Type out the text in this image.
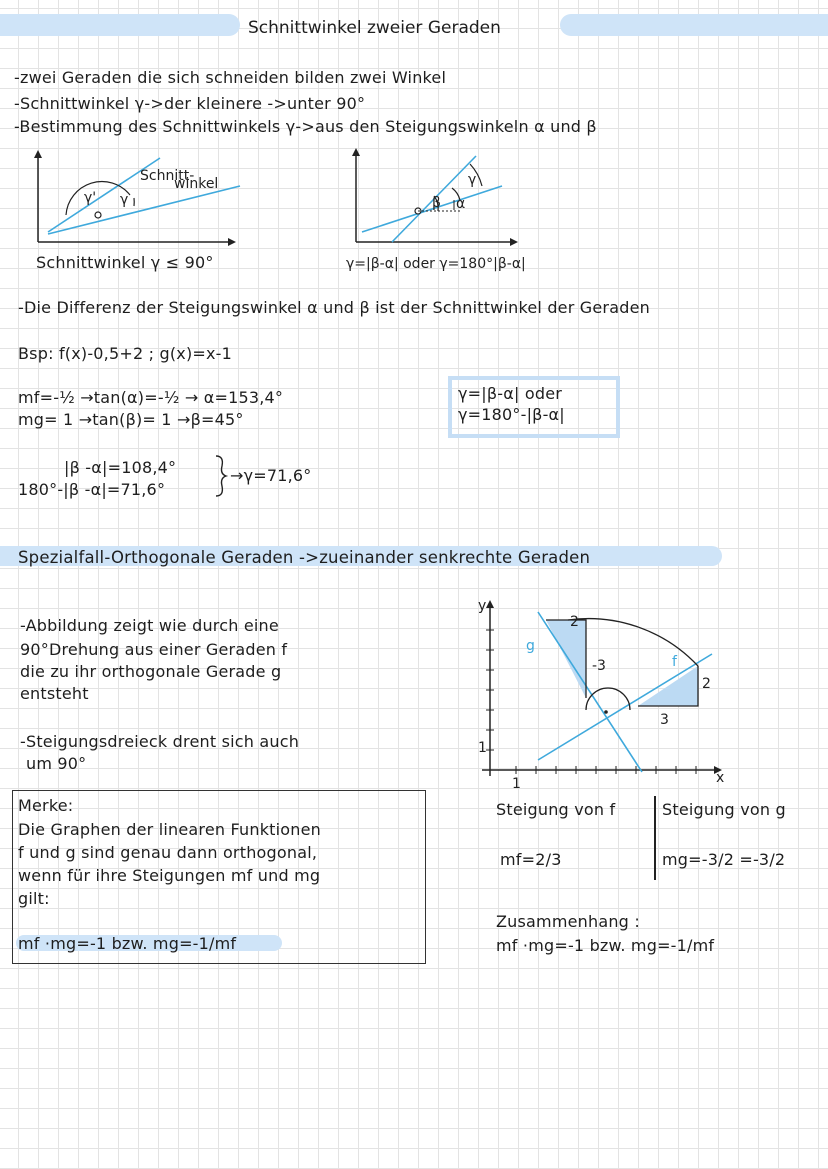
Schnittwinkel zweier Geraden
-zwei Geraden die sich schneiden bilden zwei Winkel
-Schnittwinkel γ->der kleinere ->unter 90°
-Bestimmung des Schnittwinkels γ->aus den Steigungswinkeln α und β
γ' γ
Schnitt-
winkel
Schnittwinkel γ ≤ 90°
β α
γ
γ=|β-α| oder γ=180°|β-α|
-Die Differenz der Steigungswinkel α und β ist der Schnittwinkel der Geraden
Bsp: f(x)-0,5+2 ; g(x)=x-1
mf=-½ →tan(α)=-½ → α=153,4°
mg= 1 →tan(β)= 1 →β=45°
γ=|β-α| oder
γ=180°-|β-α|
|β -α|=108,4°
180°-|β -α|=71,6°
→γ=71,6°
Spezialfall-Orthogonale Geraden ->zueinander senkrechte Geraden
-Abbildung zeigt wie durch eine
90°Drehung aus einer Geraden f
die zu ihr orthogonale Gerade g
entsteht
-Steigungsdreieck drent sich auch
um 90°
Merke:
Die Graphen der linearen Funktionen
f und g sind genau dann orthogonal,
wenn für ihre Steigungen mf und mg
gilt:
mf ·mg=-1 bzw. mg=-1/mf
y
x
1
1
f
g
3
2
2
-3
Steigung von f	Steigung von g
mf=2/3	mg=-3/2 =-3/2
Zusammenhang :
mf ·mg=-1 bzw. mg=-1/mf
